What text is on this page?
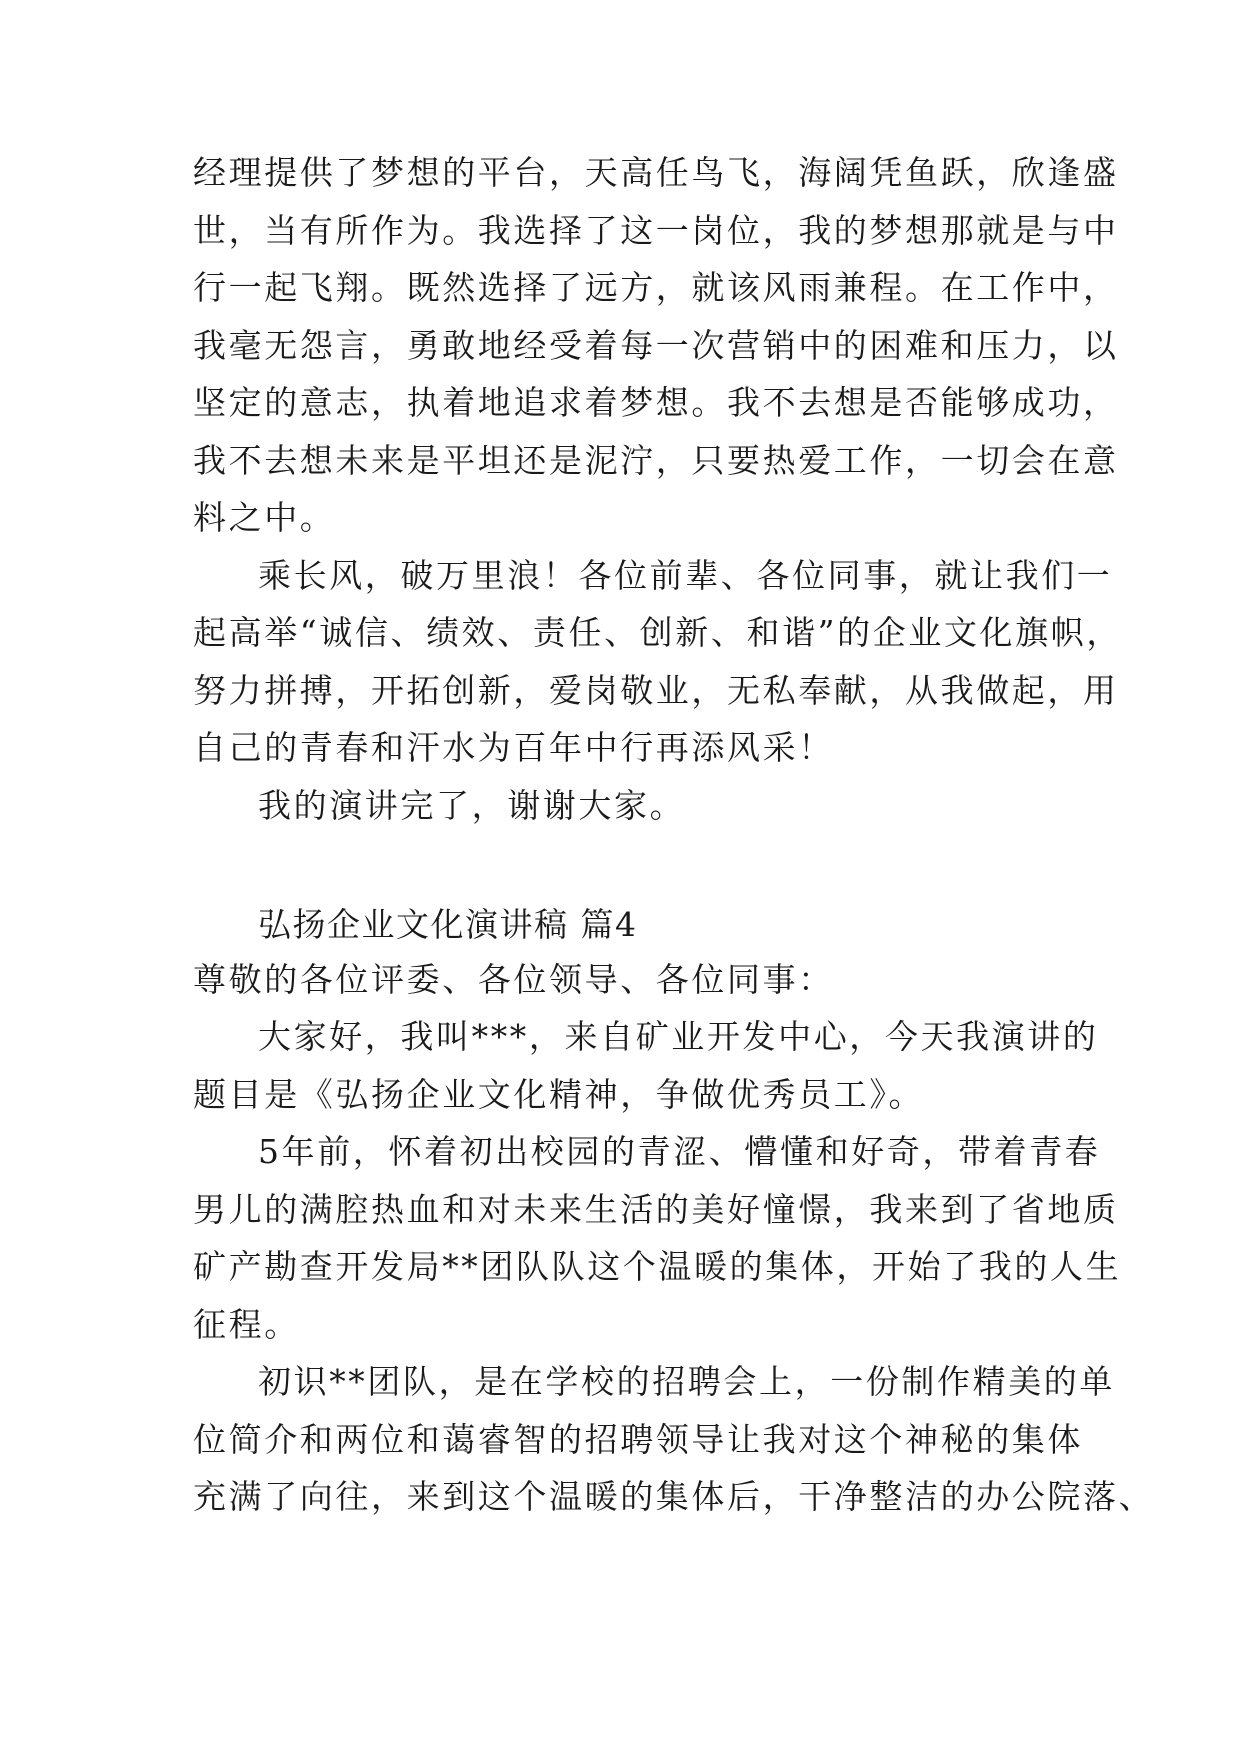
经理提供了梦想的平台，天高任鸟飞，海阔凭鱼跃，欣逢盛
世，当有所作为。我选择了这一岗位，我的梦想那就是与中
行一起飞翔。既然选择了远方，就该风雨兼程。在工作中，
我毫无怨言，勇敢地经受着每一次营销中的困难和压力，以
坚定的意志，执着地追求着梦想。我不去想是否能够成功，
我不去想未来是平坦还是泥泞，只要热爱工作，一切会在意
料之中。
乘长风，破万里浪！各位前辈、各位同事，就让我们一
起高举“诚信、绩效、责任、创新、和谐”的企业文化旗帜，
努力拼搏，开拓创新，爱岗敬业，无私奉献，从我做起，用
自己的青春和汗水为百年中行再添风采！
我的演讲完了，谢谢大家。
弘扬企业文化演讲稿 篇4
尊敬的各位评委、各位领导、各位同事：
大家好，我叫***，来自矿业开发中心，今天我演讲的
题目是《弘扬企业文化精神，争做优秀员工》。
5年前，怀着初出校园的青涩、懵懂和好奇，带着青春
男儿的满腔热血和对未来生活的美好憧憬，我来到了省地质
矿产勘查开发局**团队队这个温暖的集体，开始了我的人生
征程。
初识**团队，是在学校的招聘会上，一份制作精美的单
位简介和两位和蔼睿智的招聘领导让我对这个神秘的集体
充满了向往，来到这个温暖的集体后，干净整洁的办公院落、
